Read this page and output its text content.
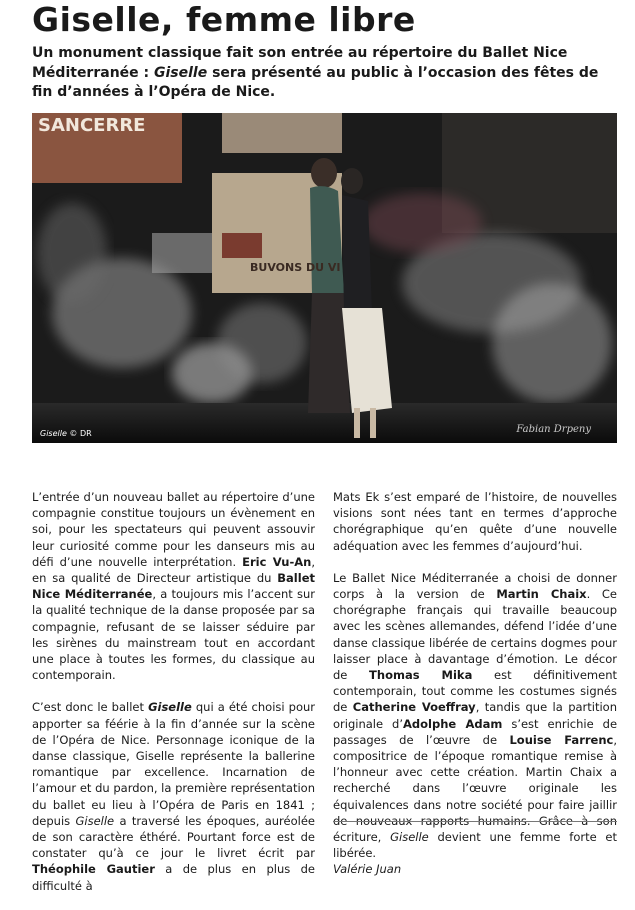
Giselle, femme libre

Un monument classique fait son entrée au répertoire du Ballet Nice Méditerranée : Giselle sera présenté au public à l’occasion des fêtes de fin d’années à l’Opéra de Nice.

SANCERRE
BUVONS DU VI
Giselle © DR	Fabian Drpeny

L’entrée d’un nouveau ballet au répertoire d’une compagnie constitue toujours un évènement en soi, pour les spectateurs qui peuvent assouvir leur curiosité comme pour les danseurs mis au défi d’une nouvelle interprétation. Eric Vu-An, en sa qualité de Directeur artistique du Ballet Nice Méditerranée, a toujours mis l’accent sur la qualité technique de la danse proposée par sa compagnie, refusant de se laisser séduire par les sirènes du mainstream tout en accordant une place à toutes les formes, du classique au contemporain.

C’est donc le ballet Giselle qui a été choisi pour apporter sa féérie à la fin d’année sur la scène de l’Opéra de Nice. Personnage iconique de la danse classique, Giselle représente la ballerine romantique par excellence. Incarnation de l’amour et du pardon, la première représentation du ballet eu lieu à l’Opéra de Paris en 1841 ; depuis Giselle a traversé les époques, auréolée de son caractère éthéré. Pourtant force est de constater qu’à ce jour le livret écrit par Théophile Gautier a de plus en plus de difficulté à

Mats Ek s’est emparé de l’histoire, de nouvelles visions sont nées tant en termes d’approche chorégraphique qu’en quête d’une nouvelle adéquation avec les femmes d’aujourd’hui.

Le Ballet Nice Méditerranée a choisi de donner corps à la version de Martin Chaix. Ce chorégraphe français qui travaille beaucoup avec les scènes allemandes, défend l’idée d’une danse classique libérée de certains dogmes pour laisser place à davantage d’émotion. Le décor de Thomas Mika est définitivement contemporain, tout comme les costumes signés de Catherine Voeffray, tandis que la partition originale d’Adolphe Adam s’est enrichie de passages de l’œuvre de Louise Farrenc, compositrice de l’époque romantique remise à l’honneur avec cette création. Martin Chaix a recherché dans l’œuvre originale les équivalences dans notre société pour faire jaillir de nouveaux rapports humains. Grâce à son écriture, Giselle devient une femme forte et libérée.

Valérie Juan
